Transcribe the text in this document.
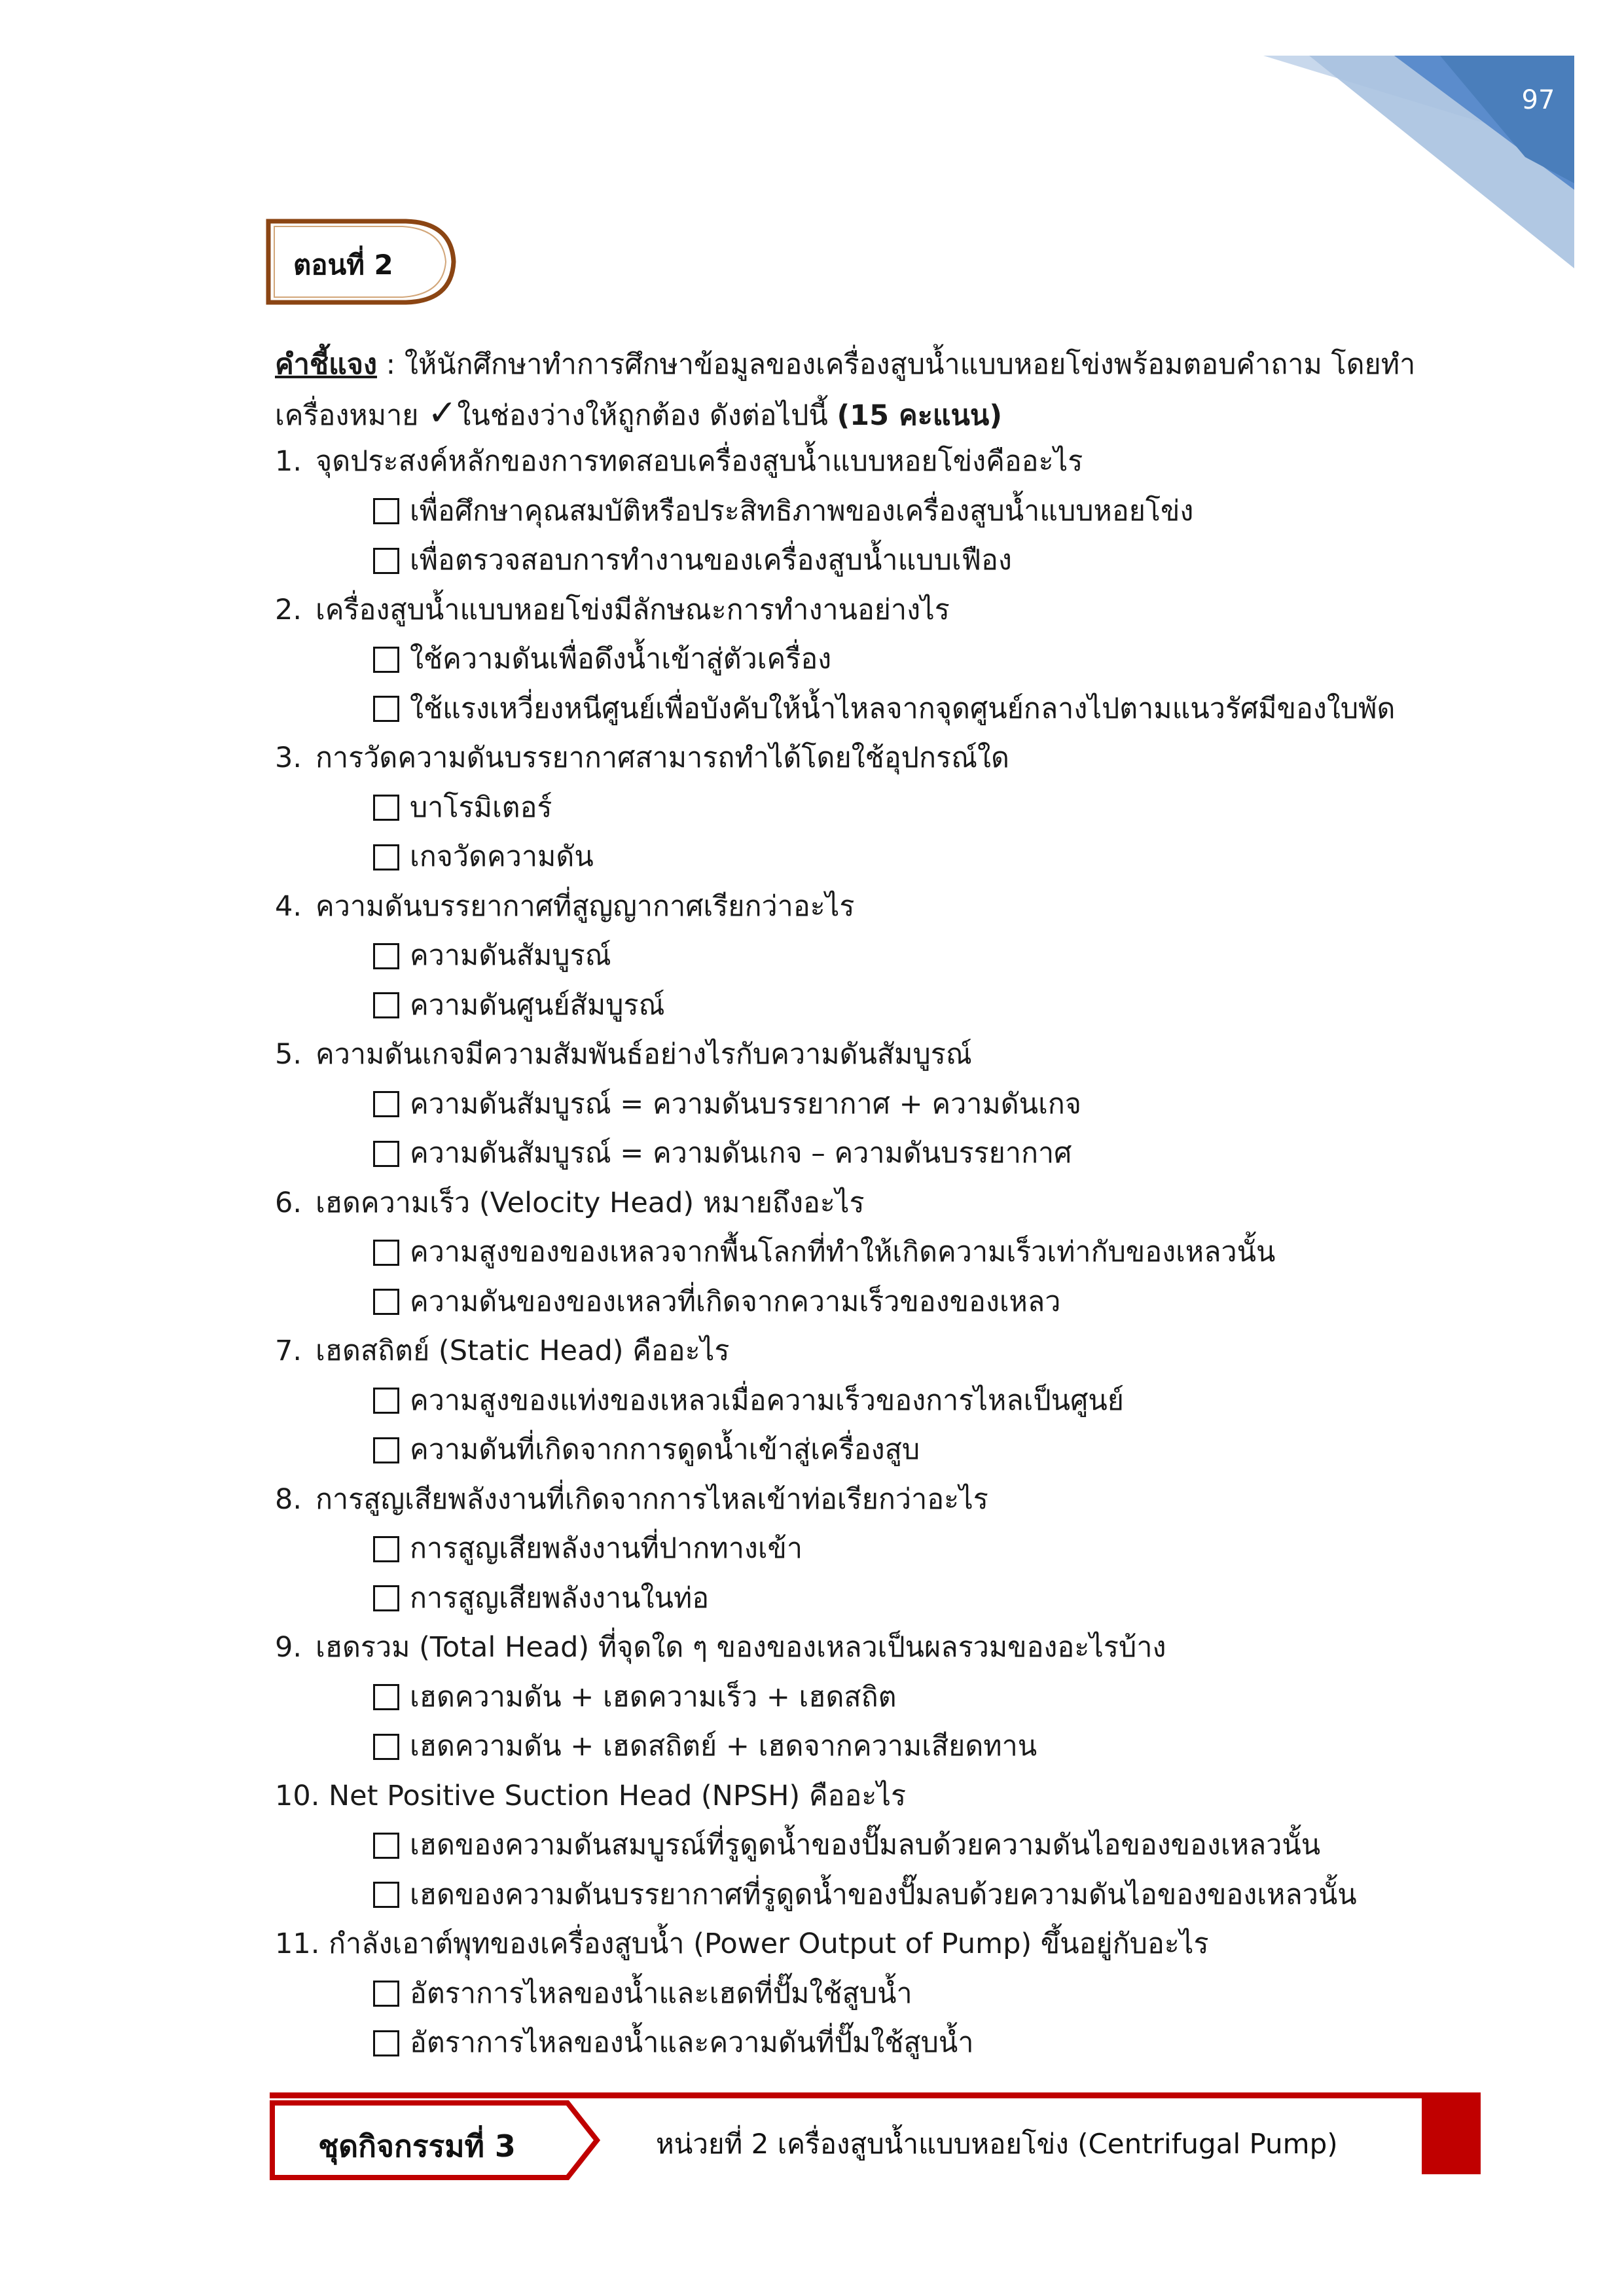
97
ตอนที่ 2
คำชี้แจง : ให้นักศึกษาทำการศึกษาข้อมูลของเครื่องสูบน้ำแบบหอยโข่งพร้อมตอบคำถาม โดยทำ
เครื่องหมาย ✓ในช่องว่างให้ถูกต้อง ดังต่อไปนี้ (15 คะแนน)
1. จุดประสงค์หลักของการทดสอบเครื่องสูบน้ำแบบหอยโข่งคืออะไร
เพื่อศึกษาคุณสมบัติหรือประสิทธิภาพของเครื่องสูบน้ำแบบหอยโข่ง
เพื่อตรวจสอบการทำงานของเครื่องสูบน้ำแบบเฟือง
2. เครื่องสูบน้ำแบบหอยโข่งมีลักษณะการทำงานอย่างไร
ใช้ความดันเพื่อดึงน้ำเข้าสู่ตัวเครื่อง
ใช้แรงเหวี่ยงหนีศูนย์เพื่อบังคับให้น้ำไหลจากจุดศูนย์กลางไปตามแนวรัศมีของใบพัด
3. การวัดความดันบรรยากาศสามารถทำได้โดยใช้อุปกรณ์ใด
บาโรมิเตอร์
เกจวัดความดัน
4. ความดันบรรยากาศที่สูญญากาศเรียกว่าอะไร
ความดันสัมบูรณ์
ความดันศูนย์สัมบูรณ์
5. ความดันเกจมีความสัมพันธ์อย่างไรกับความดันสัมบูรณ์
ความดันสัมบูรณ์ = ความดันบรรยากาศ + ความดันเกจ
ความดันสัมบูรณ์ = ความดันเกจ – ความดันบรรยากาศ
6. เฮดความเร็ว (Velocity Head) หมายถึงอะไร
ความสูงของของเหลวจากพื้นโลกที่ทำให้เกิดความเร็วเท่ากับของเหลวนั้น
ความดันของของเหลวที่เกิดจากความเร็วของของเหลว
7. เฮดสถิตย์ (Static Head) คืออะไร
ความสูงของแท่งของเหลวเมื่อความเร็วของการไหลเป็นศูนย์
ความดันที่เกิดจากการดูดน้ำเข้าสู่เครื่องสูบ
8. การสูญเสียพลังงานที่เกิดจากการไหลเข้าท่อเรียกว่าอะไร
การสูญเสียพลังงานที่ปากทางเข้า
การสูญเสียพลังงานในท่อ
9. เฮดรวม (Total Head) ที่จุดใด ๆ ของของเหลวเป็นผลรวมของอะไรบ้าง
เฮดความดัน + เฮดความเร็ว + เฮดสถิต
เฮดความดัน + เฮดสถิตย์ + เฮดจากความเสียดทาน
10. Net Positive Suction Head (NPSH) คืออะไร
เฮดของความดันสมบูรณ์ที่รูดูดน้ำของปั๊มลบด้วยความดันไอของของเหลวนั้น
เฮดของความดันบรรยากาศที่รูดูดน้ำของปั๊มลบด้วยความดันไอของของเหลวนั้น
11. กำลังเอาต์พุทของเครื่องสูบน้ำ (Power Output of Pump) ขึ้นอยู่กับอะไร
อัตราการไหลของน้ำและเฮดที่ปั๊มใช้สูบน้ำ
อัตราการไหลของน้ำและความดันที่ปั๊มใช้สูบน้ำ
ชุดกิจกรรมที่ 3	หน่วยที่ 2 เครื่องสูบน้ำแบบหอยโข่ง (Centrifugal Pump)
